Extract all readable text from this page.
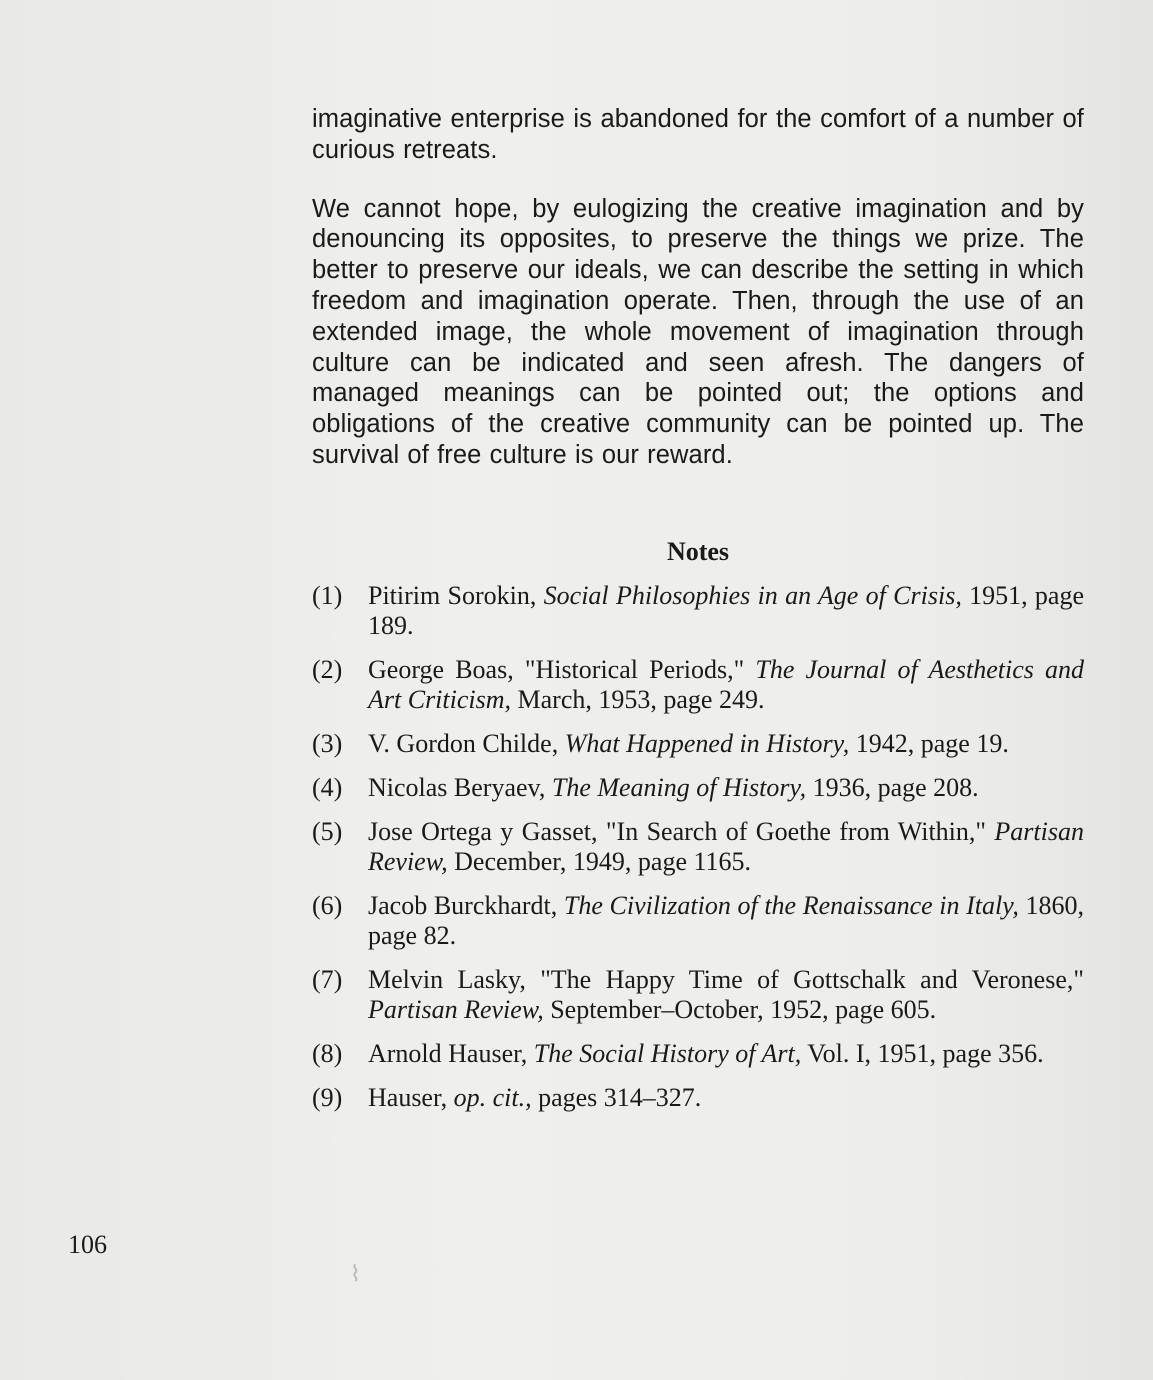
imaginative enterprise is abandoned for the comfort of a number of curious retreats.

We cannot hope, by eulogizing the creative imagination and by denouncing its opposites, to preserve the things we prize. The better to preserve our ideals, we can describe the setting in which freedom and imagination operate. Then, through the use of an extended image, the whole movement of imagination through culture can be indicated and seen afresh. The dangers of managed meanings can be pointed out; the options and obligations of the creative community can be pointed up. The survival of free culture is our reward.

Notes
(1) Pitirim Sorokin, Social Philosophies in an Age of Crisis, 1951, page 189.
(2) George Boas, "Historical Periods," The Journal of Aesthetics and Art Criticism, March, 1953, page 249.
(3) V. Gordon Childe, What Happened in History, 1942, page 19.
(4) Nicolas Beryaev, The Meaning of History, 1936, page 208.
(5) Jose Ortega y Gasset, "In Search of Goethe from Within," Partisan Review, December, 1949, page 1165.
(6) Jacob Burckhardt, The Civilization of the Renaissance in Italy, 1860, page 82.
(7) Melvin Lasky, "The Happy Time of Gottschalk and Veronese," Partisan Review, September–October, 1952, page 605.
(8) Arnold Hauser, The Social History of Art, Vol. I, 1951, page 356.
(9) Hauser, op. cit., pages 314–327.
106
⌇
